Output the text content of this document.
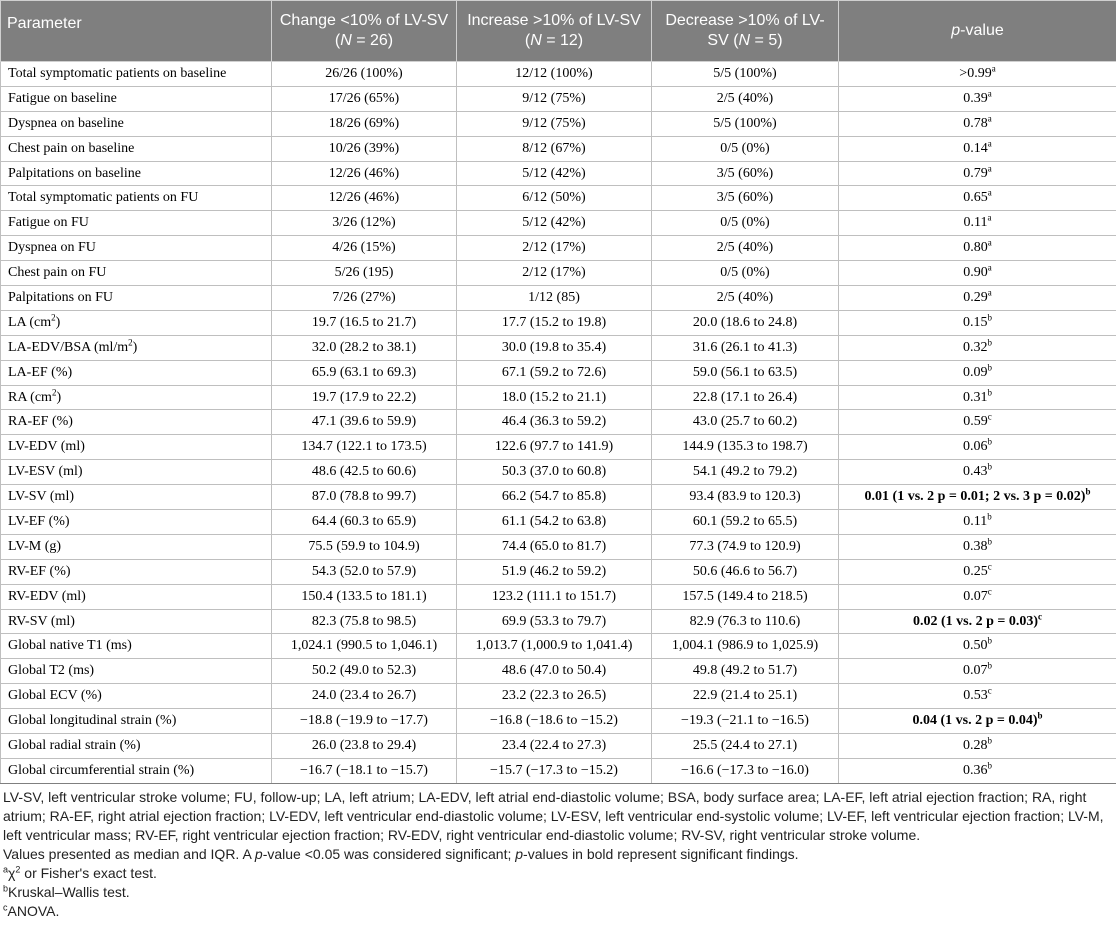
Parameter	Change <10% of LV-SV (N = 26)	Increase >10% of LV-SV (N = 12)	Decrease >10% of LV-SV (N = 5)	p-value
Total symptomatic patients on baseline	26/26 (100%)	12/12 (100%)	5/5 (100%)	>0.99$^a$
Fatigue on baseline	17/26 (65%)	9/12 (75%)	2/5 (40%)	0.39$^a$
Dyspnea on baseline	18/26 (69%)	9/12 (75%)	5/5 (100%)	0.78$^a$
Chest pain on baseline	10/26 (39%)	8/12 (67%)	0/5 (0%)	0.14$^a$
Palpitations on baseline	12/26 (46%)	5/12 (42%)	3/5 (60%)	0.79$^a$
Total symptomatic patients on FU	12/26 (46%)	6/12 (50%)	3/5 (60%)	0.65$^a$
Fatigue on FU	3/26 (12%)	5/12 (42%)	0/5 (0%)	0.11$^a$
Dyspnea on FU	4/26 (15%)	2/12 (17%)	2/5 (40%)	0.80$^a$
Chest pain on FU	5/26 (195)	2/12 (17%)	0/5 (0%)	0.90$^a$
Palpitations on FU	7/26 (27%)	1/12 (85)	2/5 (40%)	0.29$^a$
LA $(cm^2)$	19.7 (16.5 to 21.7)	17.7 (15.2 to 19.8)	20.0 (18.6 to 24.8)	0.15$^b$
LA-EDV/BSA $(ml/m^2)$	32.0 (28.2 to 38.1)	30.0 (19.8 to 35.4)	31.6 (26.1 to 41.3)	0.32$^b$
LA-EF (%)	65.9 (63.1 to 69.3)	67.1 (59.2 to 72.6)	59.0 (56.1 to 63.5)	0.09$^b$
RA $(cm^2)$	19.7 (17.9 to 22.2)	18.0 (15.2 to 21.1)	22.8 (17.1 to 26.4)	0.31$^b$
RA-EF (%)	47.1 (39.6 to 59.9)	46.4 (36.3 to 59.2)	43.0 (25.7 to 60.2)	0.59$^c$
LV-EDV (ml)	134.7 (122.1 to 173.5)	122.6 (97.7 to 141.9)	144.9 (135.3 to 198.7)	0.06$^b$
LV-ESV (ml)	48.6 (42.5 to 60.6)	50.3 (37.0 to 60.8)	54.1 (49.2 to 79.2)	0.43$^b$
LV-SV (ml)	87.0 (78.8 to 99.7)	66.2 (54.7 to 85.8)	93.4 (83.9 to 120.3)	0.01 (1 vs. 2 p = 0.01; 2 vs. 3 p = 0.02)$^b$
LV-EF (%)	64.4 (60.3 to 65.9)	61.1 (54.2 to 63.8)	60.1 (59.2 to 65.5)	0.11$^b$
LV-M (g)	75.5 (59.9 to 104.9)	74.4 (65.0 to 81.7)	77.3 (74.9 to 120.9)	0.38$^b$
RV-EF (%)	54.3 (52.0 to 57.9)	51.9 (46.2 to 59.2)	50.6 (46.6 to 56.7)	0.25$^c$
RV-EDV (ml)	150.4 (133.5 to 181.1)	123.2 (111.1 to 151.7)	157.5 (149.4 to 218.5)	0.07$^c$
RV-SV (ml)	82.3 (75.8 to 98.5)	69.9 (53.3 to 79.7)	82.9 (76.3 to 110.6)	0.02 (1 vs. 2 p = 0.03)$^c$
Global native T1 (ms)	1,024.1 (990.5 to 1,046.1)	1,013.7 (1,000.9 to 1,041.4)	1,004.1 (986.9 to 1,025.9)	0.50$^b$
Global T2 (ms)	50.2 (49.0 to 52.3)	48.6 (47.0 to 50.4)	49.8 (49.2 to 51.7)	0.07$^b$
Global ECV (%)	24.0 (23.4 to 26.7)	23.2 (22.3 to 26.5)	22.9 (21.4 to 25.1)	0.53$^c$
Global longitudinal strain (%)	−18.8 (−19.9 to −17.7)	−16.8 (−18.6 to −15.2)	−19.3 (−21.1 to −16.5)	0.04 (1 vs. 2 p = 0.04)$^b$
Global radial strain (%)	26.0 (23.8 to 29.4)	23.4 (22.4 to 27.3)	25.5 (24.4 to 27.1)	0.28$^b$
Global circumferential strain (%)	−16.7 (−18.1 to −15.7)	−15.7 (−17.3 to −15.2)	−16.6 (−17.3 to −16.0)	0.36$^b$

LV-SV, left ventricular stroke volume; FU, follow-up; LA, left atrium; LA-EDV, left atrial end-diastolic volume; BSA, body surface area; LA-EF, left atrial ejection fraction; RA, right atrium; RA-EF, right atrial ejection fraction; LV-EDV, left ventricular end-diastolic volume; LV-ESV, left ventricular end-systolic volume; LV-EF, left ventricular ejection fraction; LV-M, left ventricular mass; RV-EF, right ventricular ejection fraction; RV-EDV, right ventricular end-diastolic volume; RV-SV, right ventricular stroke volume.

Values presented as median and IQR. A p-value <0.05 was considered significant; p-values in bold represent significant findings.

$^a\chi^2$ or Fisher's exact test.

$^b$Kruskal–Wallis test.

$^c$ANOVA.
